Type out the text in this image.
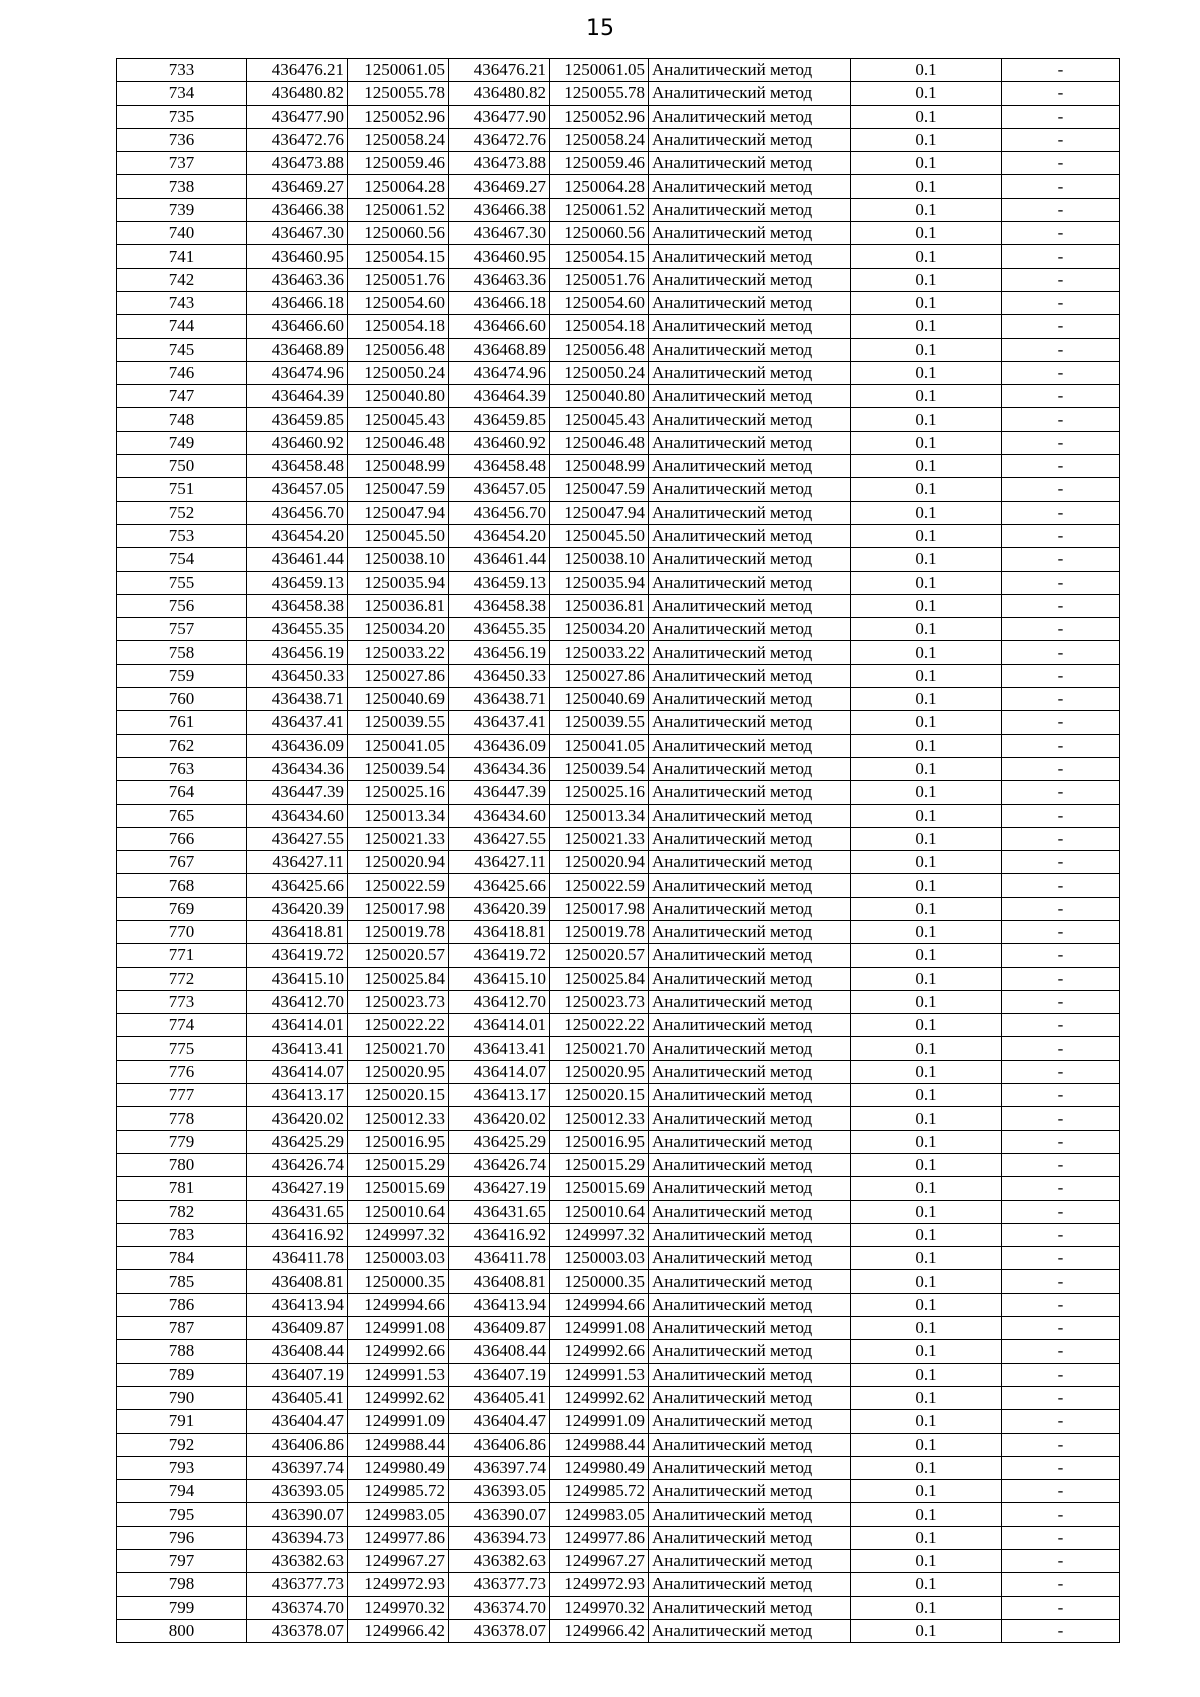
15
733	436476.21	1250061.05	436476.21	1250061.05	Аналитический метод	0.1	-
734	436480.82	1250055.78	436480.82	1250055.78	Аналитический метод	0.1	-
735	436477.90	1250052.96	436477.90	1250052.96	Аналитический метод	0.1	-
736	436472.76	1250058.24	436472.76	1250058.24	Аналитический метод	0.1	-
737	436473.88	1250059.46	436473.88	1250059.46	Аналитический метод	0.1	-
738	436469.27	1250064.28	436469.27	1250064.28	Аналитический метод	0.1	-
739	436466.38	1250061.52	436466.38	1250061.52	Аналитический метод	0.1	-
740	436467.30	1250060.56	436467.30	1250060.56	Аналитический метод	0.1	-
741	436460.95	1250054.15	436460.95	1250054.15	Аналитический метод	0.1	-
742	436463.36	1250051.76	436463.36	1250051.76	Аналитический метод	0.1	-
743	436466.18	1250054.60	436466.18	1250054.60	Аналитический метод	0.1	-
744	436466.60	1250054.18	436466.60	1250054.18	Аналитический метод	0.1	-
745	436468.89	1250056.48	436468.89	1250056.48	Аналитический метод	0.1	-
746	436474.96	1250050.24	436474.96	1250050.24	Аналитический метод	0.1	-
747	436464.39	1250040.80	436464.39	1250040.80	Аналитический метод	0.1	-
748	436459.85	1250045.43	436459.85	1250045.43	Аналитический метод	0.1	-
749	436460.92	1250046.48	436460.92	1250046.48	Аналитический метод	0.1	-
750	436458.48	1250048.99	436458.48	1250048.99	Аналитический метод	0.1	-
751	436457.05	1250047.59	436457.05	1250047.59	Аналитический метод	0.1	-
752	436456.70	1250047.94	436456.70	1250047.94	Аналитический метод	0.1	-
753	436454.20	1250045.50	436454.20	1250045.50	Аналитический метод	0.1	-
754	436461.44	1250038.10	436461.44	1250038.10	Аналитический метод	0.1	-
755	436459.13	1250035.94	436459.13	1250035.94	Аналитический метод	0.1	-
756	436458.38	1250036.81	436458.38	1250036.81	Аналитический метод	0.1	-
757	436455.35	1250034.20	436455.35	1250034.20	Аналитический метод	0.1	-
758	436456.19	1250033.22	436456.19	1250033.22	Аналитический метод	0.1	-
759	436450.33	1250027.86	436450.33	1250027.86	Аналитический метод	0.1	-
760	436438.71	1250040.69	436438.71	1250040.69	Аналитический метод	0.1	-
761	436437.41	1250039.55	436437.41	1250039.55	Аналитический метод	0.1	-
762	436436.09	1250041.05	436436.09	1250041.05	Аналитический метод	0.1	-
763	436434.36	1250039.54	436434.36	1250039.54	Аналитический метод	0.1	-
764	436447.39	1250025.16	436447.39	1250025.16	Аналитический метод	0.1	-
765	436434.60	1250013.34	436434.60	1250013.34	Аналитический метод	0.1	-
766	436427.55	1250021.33	436427.55	1250021.33	Аналитический метод	0.1	-
767	436427.11	1250020.94	436427.11	1250020.94	Аналитический метод	0.1	-
768	436425.66	1250022.59	436425.66	1250022.59	Аналитический метод	0.1	-
769	436420.39	1250017.98	436420.39	1250017.98	Аналитический метод	0.1	-
770	436418.81	1250019.78	436418.81	1250019.78	Аналитический метод	0.1	-
771	436419.72	1250020.57	436419.72	1250020.57	Аналитический метод	0.1	-
772	436415.10	1250025.84	436415.10	1250025.84	Аналитический метод	0.1	-
773	436412.70	1250023.73	436412.70	1250023.73	Аналитический метод	0.1	-
774	436414.01	1250022.22	436414.01	1250022.22	Аналитический метод	0.1	-
775	436413.41	1250021.70	436413.41	1250021.70	Аналитический метод	0.1	-
776	436414.07	1250020.95	436414.07	1250020.95	Аналитический метод	0.1	-
777	436413.17	1250020.15	436413.17	1250020.15	Аналитический метод	0.1	-
778	436420.02	1250012.33	436420.02	1250012.33	Аналитический метод	0.1	-
779	436425.29	1250016.95	436425.29	1250016.95	Аналитический метод	0.1	-
780	436426.74	1250015.29	436426.74	1250015.29	Аналитический метод	0.1	-
781	436427.19	1250015.69	436427.19	1250015.69	Аналитический метод	0.1	-
782	436431.65	1250010.64	436431.65	1250010.64	Аналитический метод	0.1	-
783	436416.92	1249997.32	436416.92	1249997.32	Аналитический метод	0.1	-
784	436411.78	1250003.03	436411.78	1250003.03	Аналитический метод	0.1	-
785	436408.81	1250000.35	436408.81	1250000.35	Аналитический метод	0.1	-
786	436413.94	1249994.66	436413.94	1249994.66	Аналитический метод	0.1	-
787	436409.87	1249991.08	436409.87	1249991.08	Аналитический метод	0.1	-
788	436408.44	1249992.66	436408.44	1249992.66	Аналитический метод	0.1	-
789	436407.19	1249991.53	436407.19	1249991.53	Аналитический метод	0.1	-
790	436405.41	1249992.62	436405.41	1249992.62	Аналитический метод	0.1	-
791	436404.47	1249991.09	436404.47	1249991.09	Аналитический метод	0.1	-
792	436406.86	1249988.44	436406.86	1249988.44	Аналитический метод	0.1	-
793	436397.74	1249980.49	436397.74	1249980.49	Аналитический метод	0.1	-
794	436393.05	1249985.72	436393.05	1249985.72	Аналитический метод	0.1	-
795	436390.07	1249983.05	436390.07	1249983.05	Аналитический метод	0.1	-
796	436394.73	1249977.86	436394.73	1249977.86	Аналитический метод	0.1	-
797	436382.63	1249967.27	436382.63	1249967.27	Аналитический метод	0.1	-
798	436377.73	1249972.93	436377.73	1249972.93	Аналитический метод	0.1	-
799	436374.70	1249970.32	436374.70	1249970.32	Аналитический метод	0.1	-
800	436378.07	1249966.42	436378.07	1249966.42	Аналитический метод	0.1	-
